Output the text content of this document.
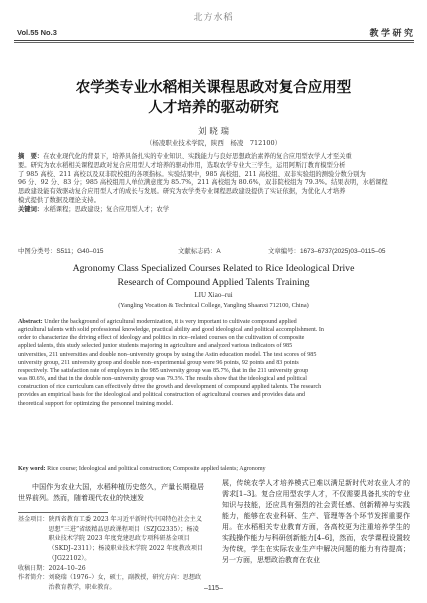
北方水稻
Vol.55 No.3	教 学 研 究
农学类专业水稻相关课程思政对复合应用型
人才培养的驱动研究
刘 晓 瑞
（杨凌职业技术学院，陕西　杨凌　712100）
摘　要：在农业现代化的背景下，培养具备扎实的专业知识、实践能力与良好思想政治素养的复合应用型农学人才至关重
要。研究为农水稻相关课程思政对复合应用型人才培养的驱动作用，选取农学专业大三学生，运用阿斯汀教育模型分析
了 985 高校、211 高校以及双非院校组的各项指标。实验结果中，985 高校组、211 高校组、双非实验组的测验分数分别为
96 分、92 分、83 分；985 高校组用人单位满意度为 85.7%，211 高校组为 80.6%，双非院校组为 79.3%。结果表明，水稻课程
思政建设能有效驱动复合应用型人才的成长与发展。研究为农学类专业课程思政建设提供了实证依据，为优化人才培养
模式提供了数据及理论支持。
关键词：水稻课程；思政建设；复合应用型人才；农学
中图分类号：S511；G40–015	文献标志码：A	文章编号：1673–6737(2025)03–0115–05
Agronomy Class Specialized Courses Related to Rice Ideological Drive
Research of Compound Applied Talents Training
LIU Xiao–rui
(Yangling Vocation & Technical College, Yangling Shaanxi 712100, China)
Abstract: Under the background of agricultural modernization, it is very important to cultivate compound applied
agricultural talents with solid professional knowledge, practical ability and good ideological and political accomplishment. In
order to characterize the driving effect of ideology and politics in rice–related courses on the cultivation of composite
applied talents, this study selected junior students majoring in agriculture and analyzed various indicators of 985
universities, 211 universities and double non–university groups by using the Astin education model. The test scores of 985
university group, 211 university group and double non–experimental group were 96 points, 92 points and 83 points
respectively. The satisfaction rate of employers in the 985 university group was 85.7%, that in the 211 university group
was 80.6%, and that in the double non–university group was 79.3%. The results show that the ideological and political
construction of rice curriculum can effectively drive the growth and development of compound applied talents. The research
provides an empirical basis for the ideological and political construction of agricultural courses and provides data and
theoretical support for optimizing the personnel training model.
Key word: Rice course; Ideological and political construction; Composite applied talents; Agronomy
中国作为农业大国，水稻种植历史悠久，产量长期稳居世界前列。然而，随着现代农业的快速发
基金项目： 陕西省教育工委 2023 年习近平新时代中国特色社会主义思想“三进”省级精品思政课程项目（SZJG2335）；杨凌职业技术学院 2023 年度党建思政专项科研基金项目（SKDJ–2311）；杨凌职业技术学院 2022 年度教改项目（JG22102）。
收稿日期： 2024–10–26
作者简介： 刘晓瑞（1976–）女，硕士，副教授，研究方向：思想政治教育教学，职业教育。
展，传统农学人才培养模式已难以满足新时代对农业人才的需求[1–3]。复合应用型农学人才，不仅需要具备扎实的专业知识与技能，还应具有强烈的社会责任感、创新精神与实践能力，能够在农业科研、生产、管理等各个环节发挥重要作用。在水稻相关专业教育方面，各高校更为注重培养学生的实践操作能力与科研创新能力[4–6]，然而，农学课程设置较为传统，学生在实际农业生产中解决问题的能力有待提高；另一方面，思想政治教育在农业
–115–
